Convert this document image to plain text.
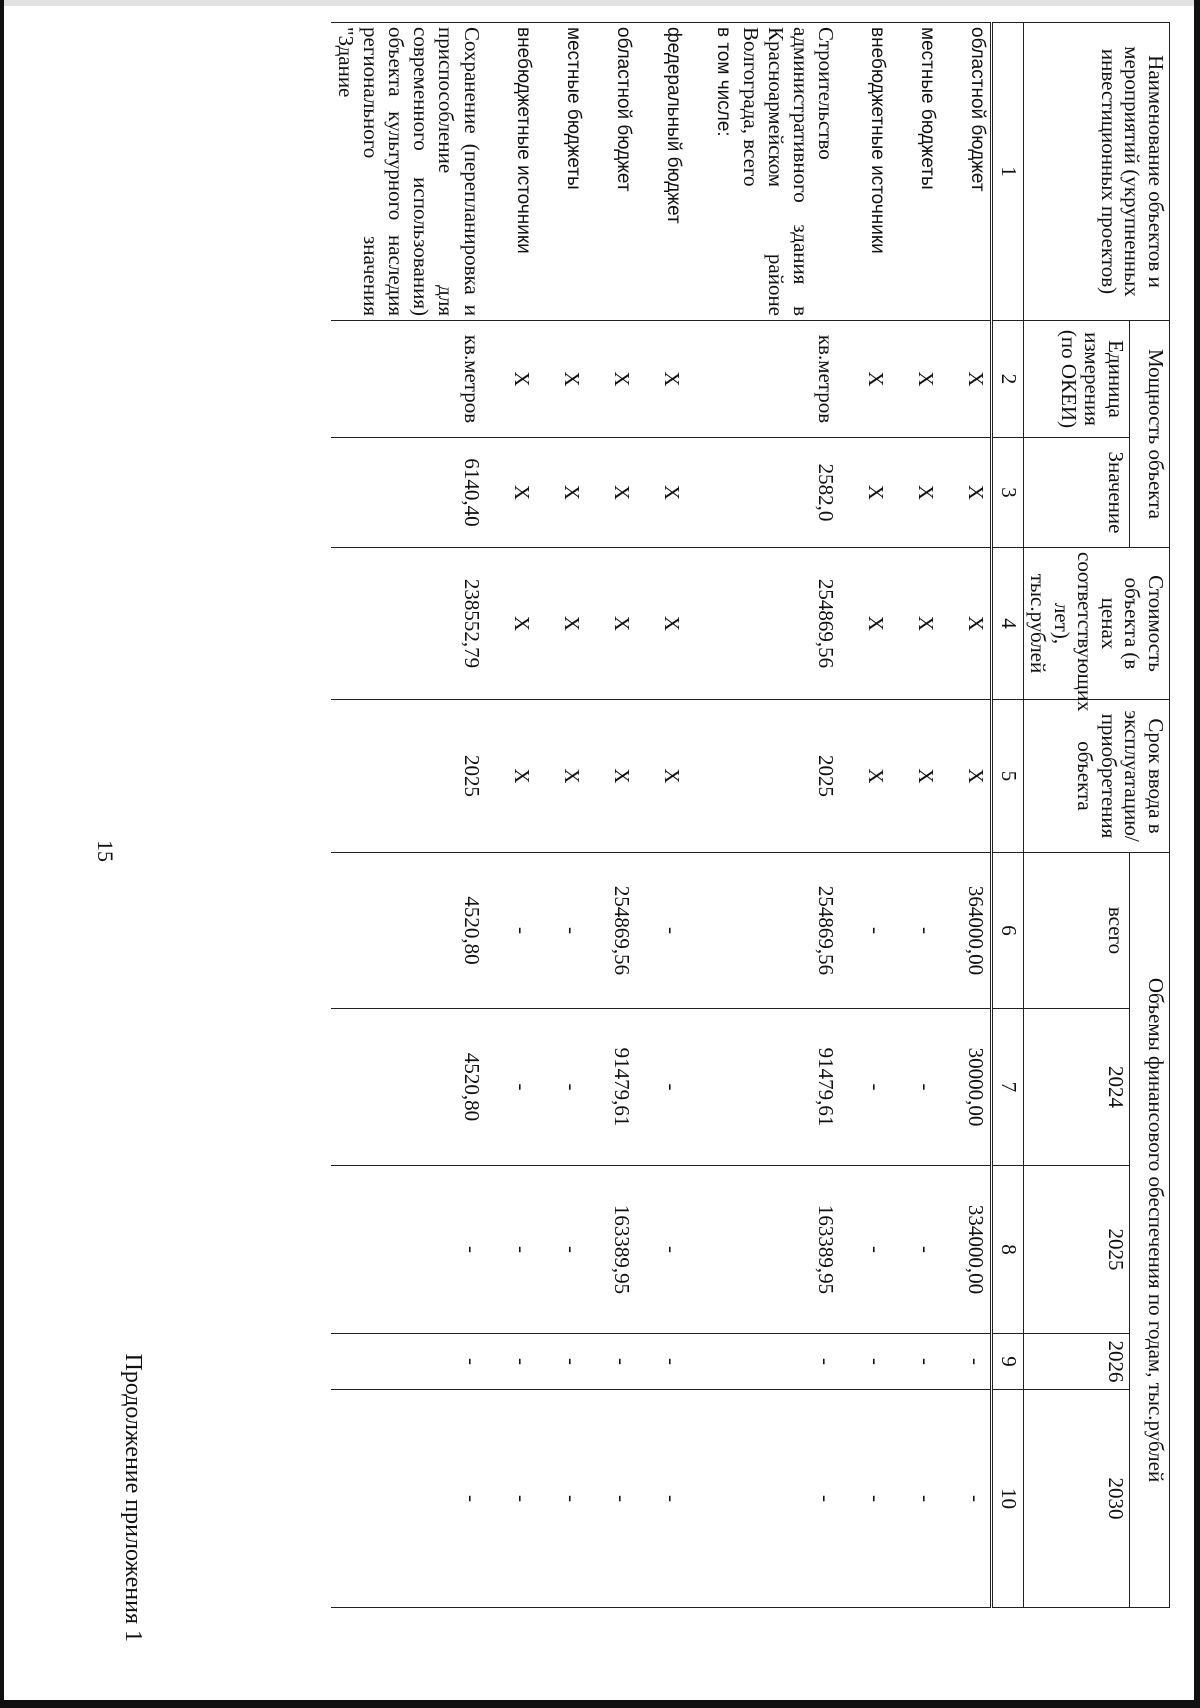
15
Продолжение приложения 1
Наименование объектов и мероприятий (укрупненных инвестиционных проектов)	Мощность объекта		Стоимость объекта (в ценах соответствующих лет), тыс.рублей	Срок ввода в эксплуатацию/ приобретения объекта	Объемы финансового обеспечения по годам, тыс.рублей				
	Единица измерения (по ОКЕИ)	Значение			всего	2024	2025	2026	2030
1	2	3	4	5	6	7	8	9	10
областной бюджет	X	X	X	X	364000,00	30000,00	334000,00	-	-
местные бюджеты	X	X	X	X	-	-	-	-	-
внебюджетные источники	X	X	X	X	-	-	-	-	-
Строительство административного здания в Красноармейском районе Волгограда, всего	кв.метров	2582,0	254869,56	2025	254869,56	91479,61	163389,95	-	-
в том числе:									
федеральный бюджет	X	X	X	X	-	-	-	-	-
областной бюджет	X	X	X	X	254869,56	91479,61	163389,95	-	-
местные бюджеты	X	X	X	X	-	-	-	-	-
внебюджетные источники	X	X	X	X	-	-	-	-	-
Сохранение (перепланировка и приспособление для современного использования) объекта культурного наследия регионального значения "Здание	кв.метров	6140,40	238552,79	2025	4520,80	4520,80	-	-	-
